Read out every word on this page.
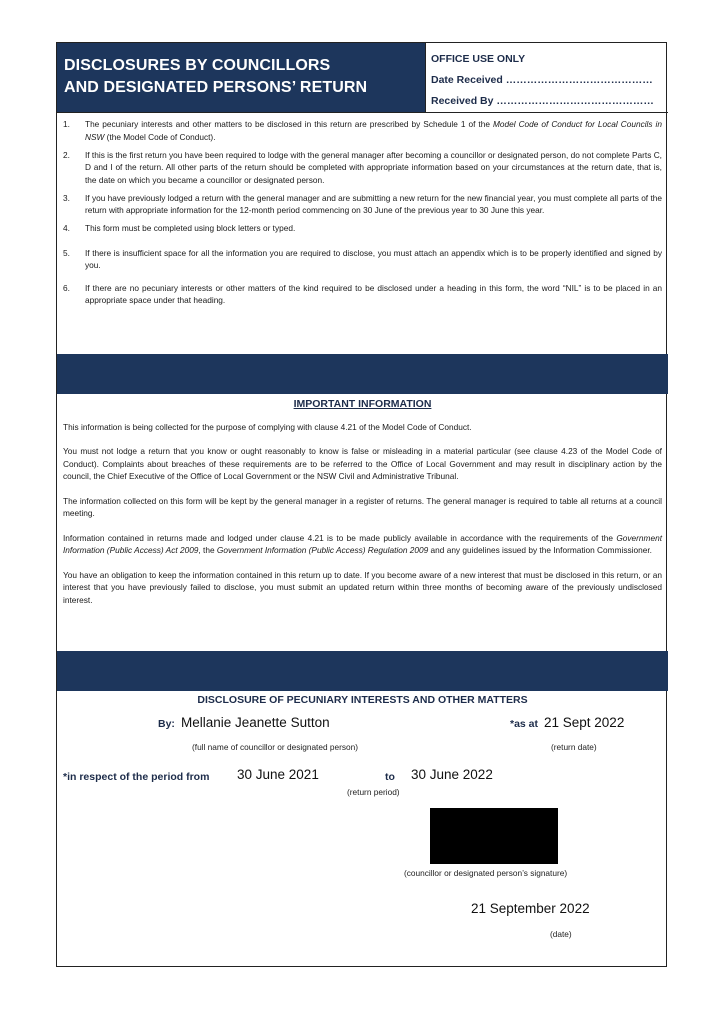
DISCLOSURES BY COUNCILLORS
AND DESIGNATED PERSONS’ RETURN
OFFICE USE ONLY
Date Received ……………………………………
Received By ………………………………………
1.	The pecuniary interests and other matters to be disclosed in this return are prescribed by Schedule 1 of the Model Code of Conduct for Local Councils in NSW (the Model Code of Conduct).
2.	If this is the first return you have been required to lodge with the general manager after becoming a councillor or designated person, do not complete Parts C, D and I of the return. All other parts of the return should be completed with appropriate information based on your circumstances at the return date, that is, the date on which you became a councillor or designated person.
3.	If you have previously lodged a return with the general manager and are submitting a new return for the new financial year, you must complete all parts of the return with appropriate information for the 12-month period commencing on 30 June of the previous year to 30 June this year.
4.	This form must be completed using block letters or typed.
5.	If there is insufficient space for all the information you are required to disclose, you must attach an appendix which is to be properly identified and signed by you.
6.	If there are no pecuniary interests or other matters of the kind required to be disclosed under a heading in this form, the word “NIL” is to be placed in an appropriate space under that heading.
IMPORTANT INFORMATION

This information is being collected for the purpose of complying with clause 4.21 of the Model Code of Conduct.

You must not lodge a return that you know or ought reasonably to know is false or misleading in a material particular (see clause 4.23 of the Model Code of Conduct). Complaints about breaches of these requirements are to be referred to the Office of Local Government and may result in disciplinary action by the council, the Chief Executive of the Office of Local Government or the NSW Civil and Administrative Tribunal.

The information collected on this form will be kept by the general manager in a register of returns. The general manager is required to table all returns at a council meeting.

Information contained in returns made and lodged under clause 4.21 is to be made publicly available in accordance with the requirements of the Government Information (Public Access) Act 2009, the Government Information (Public Access) Regulation 2009 and any guidelines issued by the Information Commissioner.

You have an obligation to keep the information contained in this return up to date. If you become aware of a new interest that must be disclosed in this return, or an interest that you have previously failed to disclose, you must submit an updated return within three months of becoming aware of the previously undisclosed interest.

DISCLOSURE OF PECUNIARY INTERESTS AND OTHER MATTERS
By: Mellanie Jeanette Sutton	*as at 21 Sept 2022
(full name of councillor or designated person)	(return date)
*in respect of the period from 30 June 2021	to 30 June 2022
(return period)
(councillor or designated person’s signature)
21 September 2022
(date)
